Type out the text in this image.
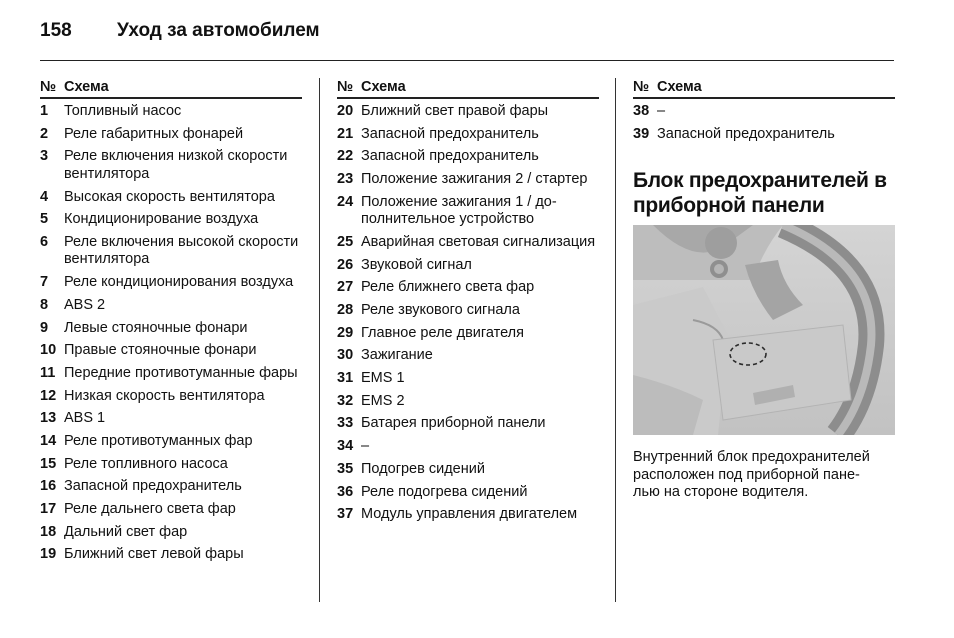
158 Уход за автомобилем
№ Схема
1 Топливный насос
2 Реле габаритных фонарей
3 Реле включения низкой скорости вентилятора
4 Высокая скорость вентилятора
5 Кондиционирование воздуха
6 Реле включения высокой скорости вентилятора
7 Реле кондиционирования воздуха
8 ABS 2
9 Левые стояночные фонари
10 Правые стояночные фонари
11 Передние противотуманные фары
12 Низкая скорость вентилятора
13 ABS 1
14 Реле противотуманных фар
15 Реле топливного насоса
16 Запасной предохранитель
17 Реле дальнего света фар
18 Дальний свет фар
19 Ближний свет левой фары
№ Схема
20 Ближний свет правой фары
21 Запасной предохранитель
22 Запасной предохранитель
23 Положение зажигания 2 / стартер
24 Положение зажигания 1 / до-полнительное устройство
25 Аварийная световая сигнализация
26 Звуковой сигнал
27 Реле ближнего света фар
28 Реле звукового сигнала
29 Главное реле двигателя
30 Зажигание
31 EMS 1
32 EMS 2
33 Батарея приборной панели
34 –
35 Подогрев сидений
36 Реле подогрева сидений
37 Модуль управления двигателем
№ Схема
38 –
39 Запасной предохранитель
Блок предохранителей в приборной панели
Внутренний блок предохранителей
расположен под приборной пане-
лью на стороне водителя.
